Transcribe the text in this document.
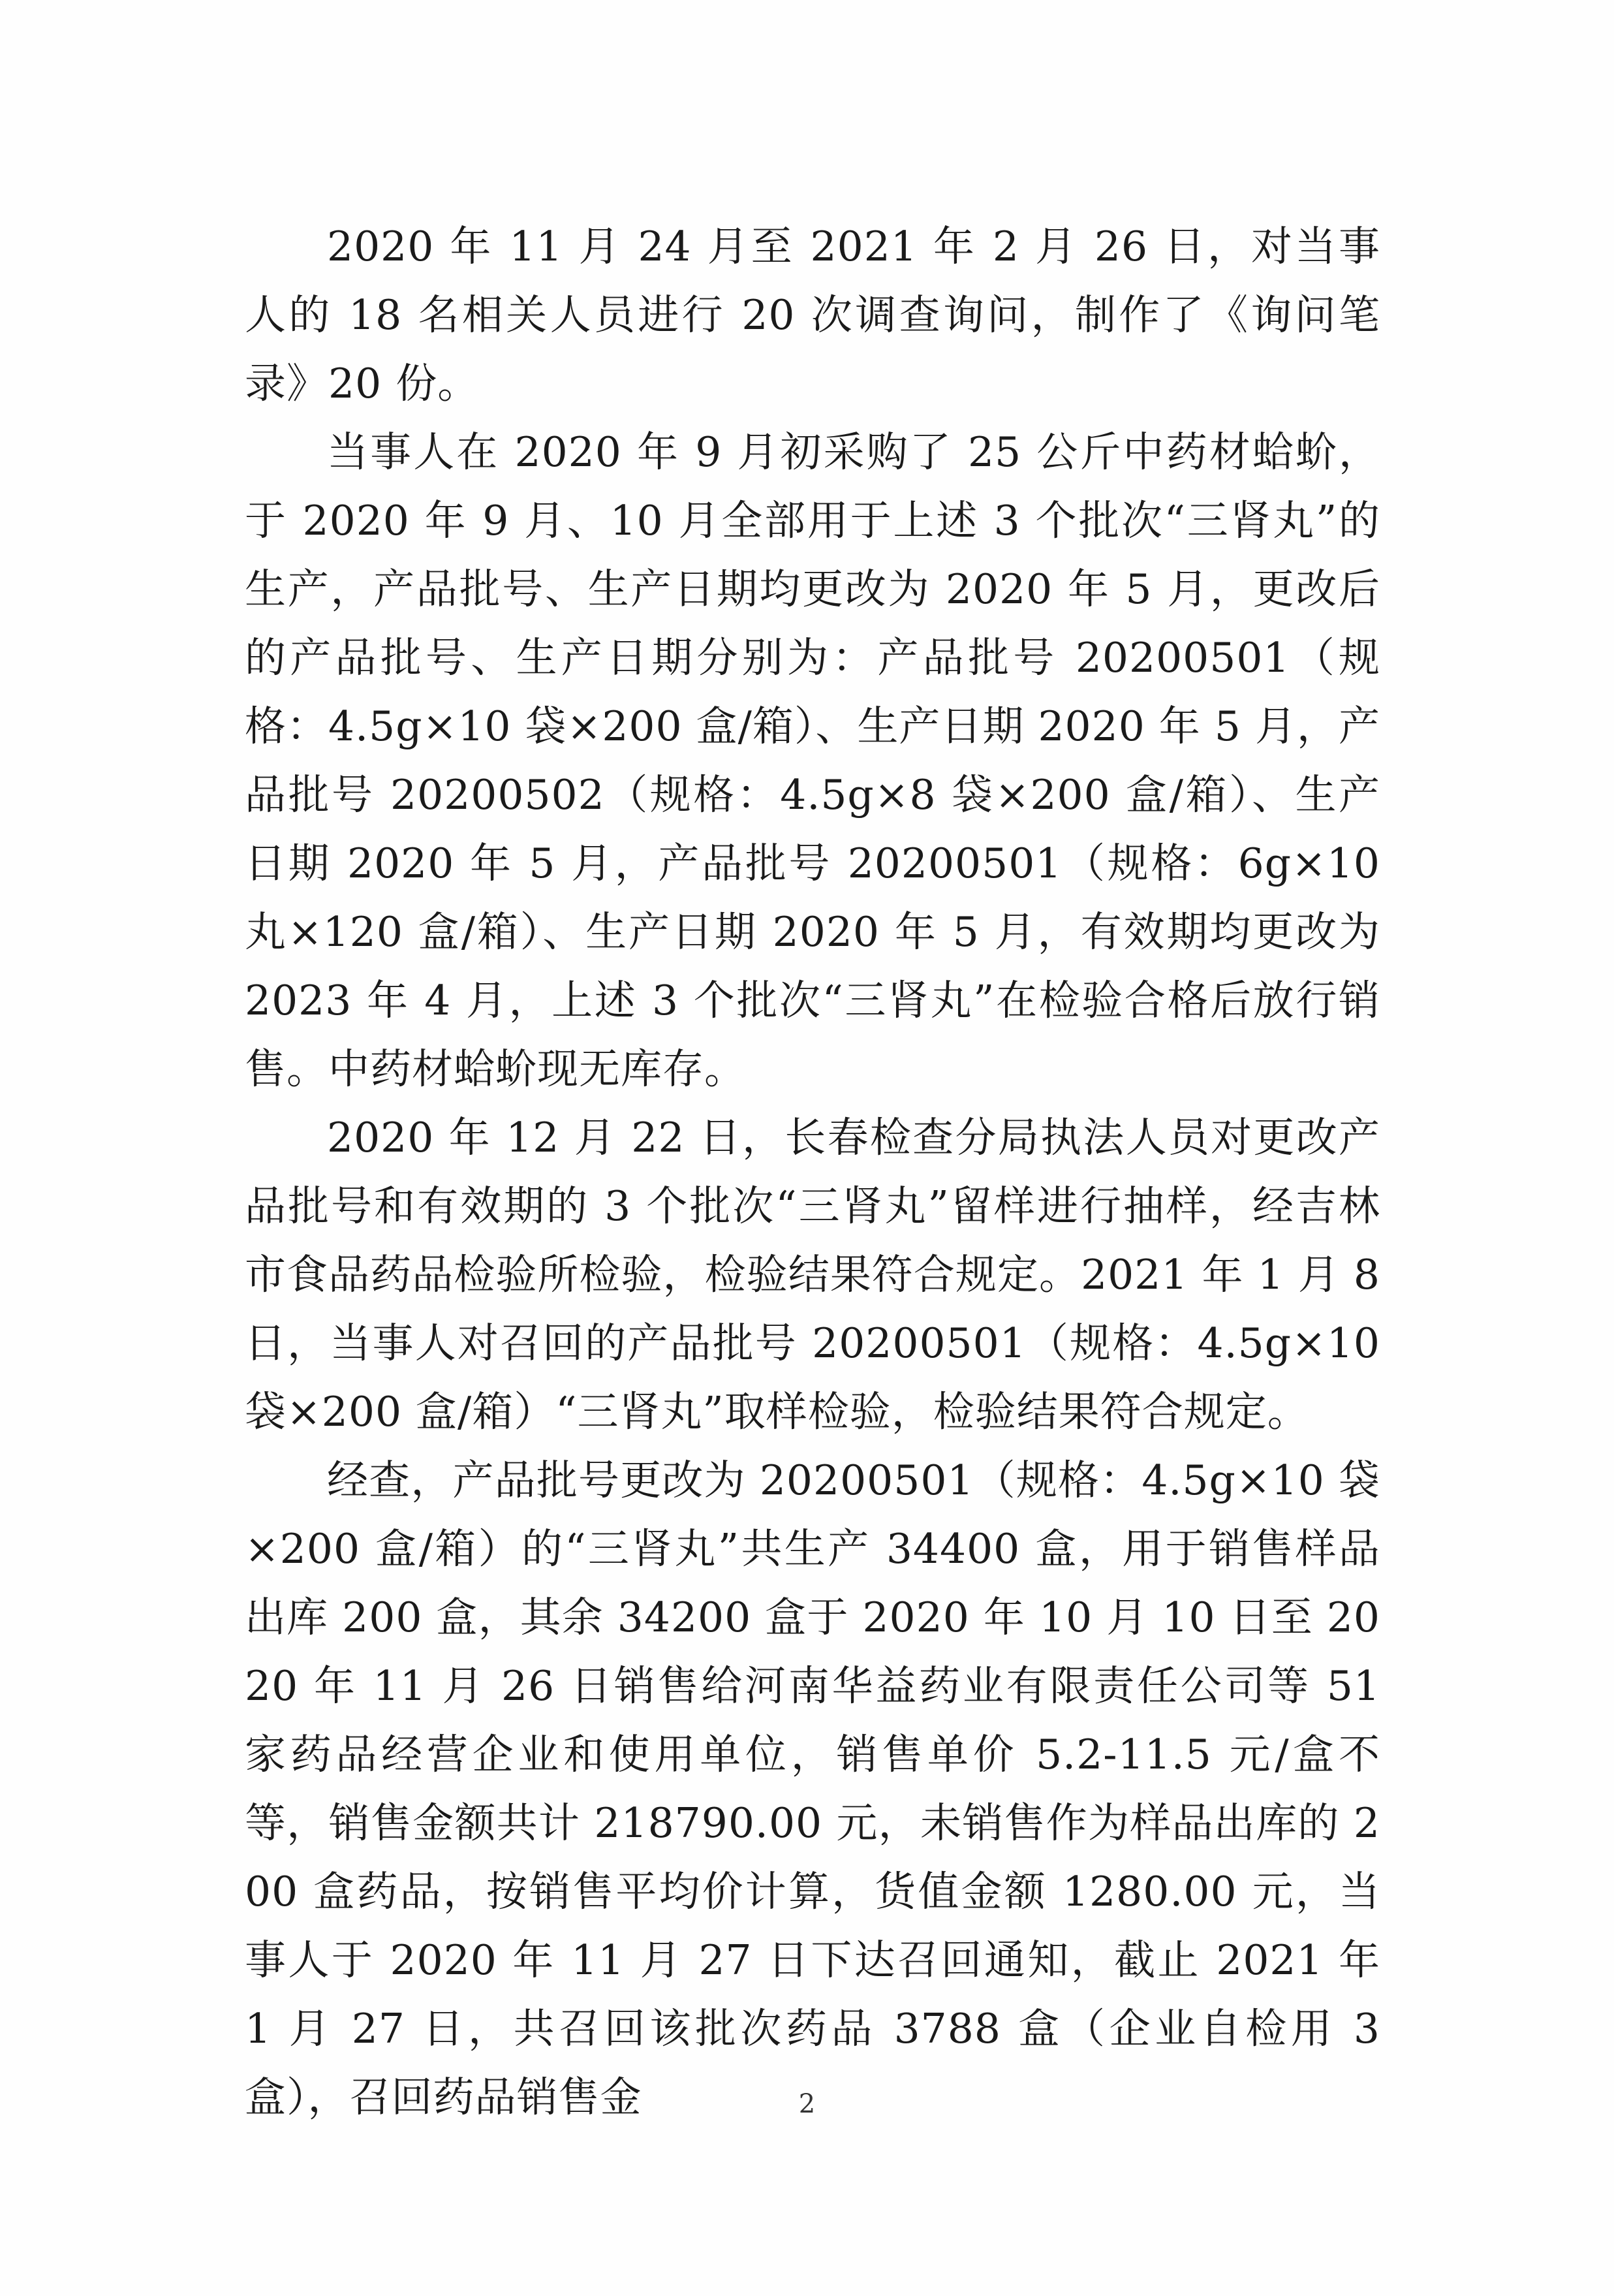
2020 年 11 月 24 月至 2021 年 2 月 26 日，对当事人的 18 名相关人员进行 20 次调查询问，制作了《询问笔录》20 份。

当事人在 2020 年 9 月初采购了 25 公斤中药材蛤蚧，于 2020 年 9 月、10 月全部用于上述 3 个批次“三肾丸”的生产，产品批号、生产日期均更改为 2020 年 5 月，更改后的产品批号、生产日期分别为：产品批号 20200501（规格：4.5g×10 袋×200 盒/箱）、生产日期 2020 年 5 月，产品批号 20200502（规格：4.5g×8 袋×200 盒/箱）、生产日期 2020 年 5 月，产品批号 20200501（规格：6g×10 丸×120 盒/箱）、生产日期 2020 年 5 月，有效期均更改为 2023 年 4 月，上述 3 个批次“三肾丸”在检验合格后放行销售。中药材蛤蚧现无库存。

2020 年 12 月 22 日，长春检查分局执法人员对更改产品批号和有效期的 3 个批次“三肾丸”留样进行抽样，经吉林市食品药品检验所检验，检验结果符合规定。2021 年 1 月 8 日，当事人对召回的产品批号 20200501（规格：4.5g×10 袋×200 盒/箱）“三肾丸”取样检验，检验结果符合规定。

经查，产品批号更改为 20200501（规格：4.5g×10 袋×200 盒/箱）的“三肾丸”共生产 34400 盒，用于销售样品出库 200 盒，其余 34200 盒于 2020 年 10 月 10 日至 2020 年 11 月 26 日销售给河南华益药业有限责任公司等 51 家药品经营企业和使用单位，销售单价 5.2-11.5 元/盒不等，销售金额共计 218790.00 元，未销售作为样品出库的 200 盒药品，按销售平均价计算，货值金额 1280.00 元，当事人于 2020 年 11 月 27 日下达召回通知，截止 2021 年 1 月 27 日，共召回该批次药品 3788 盒（企业自检用 3 盒），召回药品销售金	2
